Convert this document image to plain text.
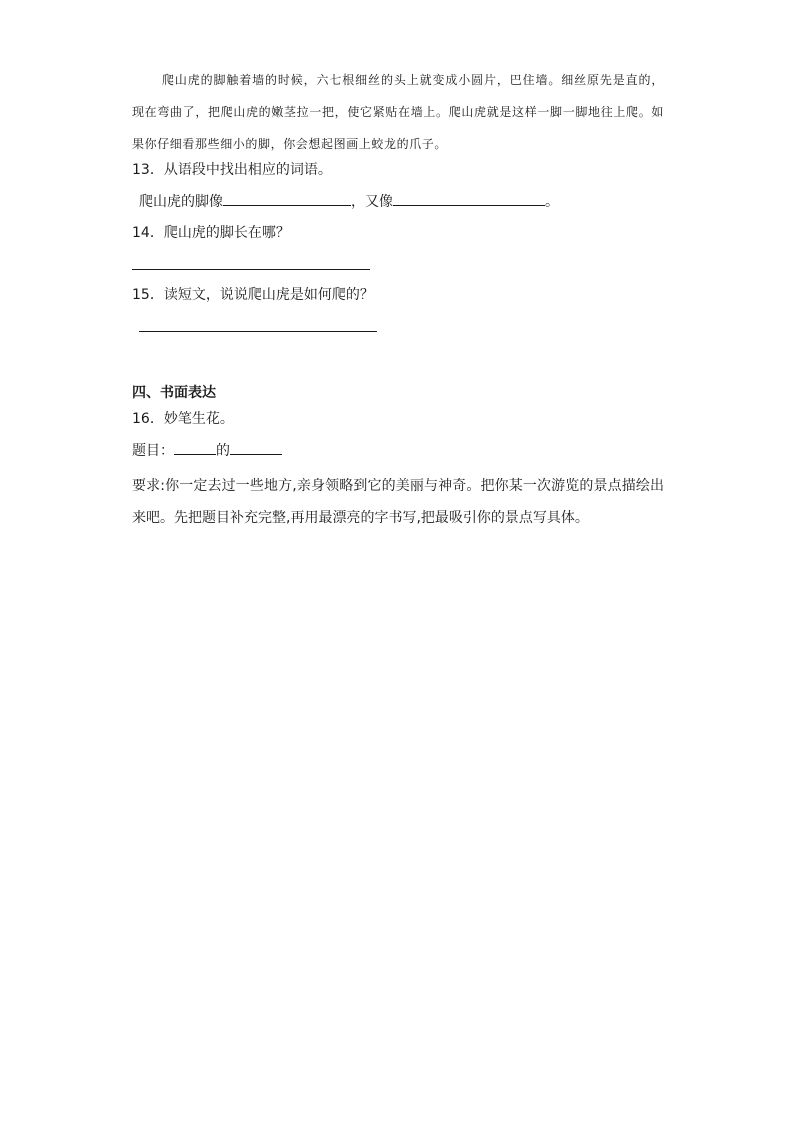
爬山虎的脚触着墙的时候，六七根细丝的头上就变成小圆片，巴住墙。细丝原先是直的，现在弯曲了，把爬山虎的嫩茎拉一把，使它紧贴在墙上。爬山虎就是这样一脚一脚地往上爬。如果你仔细看那些细小的脚，你会想起图画上蛟龙的爪子。

13．从语段中找出相应的词语。

爬山虎的脚像	，又像	。

14．爬山虎的脚长在哪？

15．读短文，说说爬山虎是如何爬的？

四、书面表达

16．妙笔生花。

题目：	的

要求:你一定去过一些地方,亲身领略到它的美丽与神奇。把你某一次游览的景点描绘出来吧。先把题目补充完整,再用最漂亮的字书写,把最吸引你的景点写具体。
